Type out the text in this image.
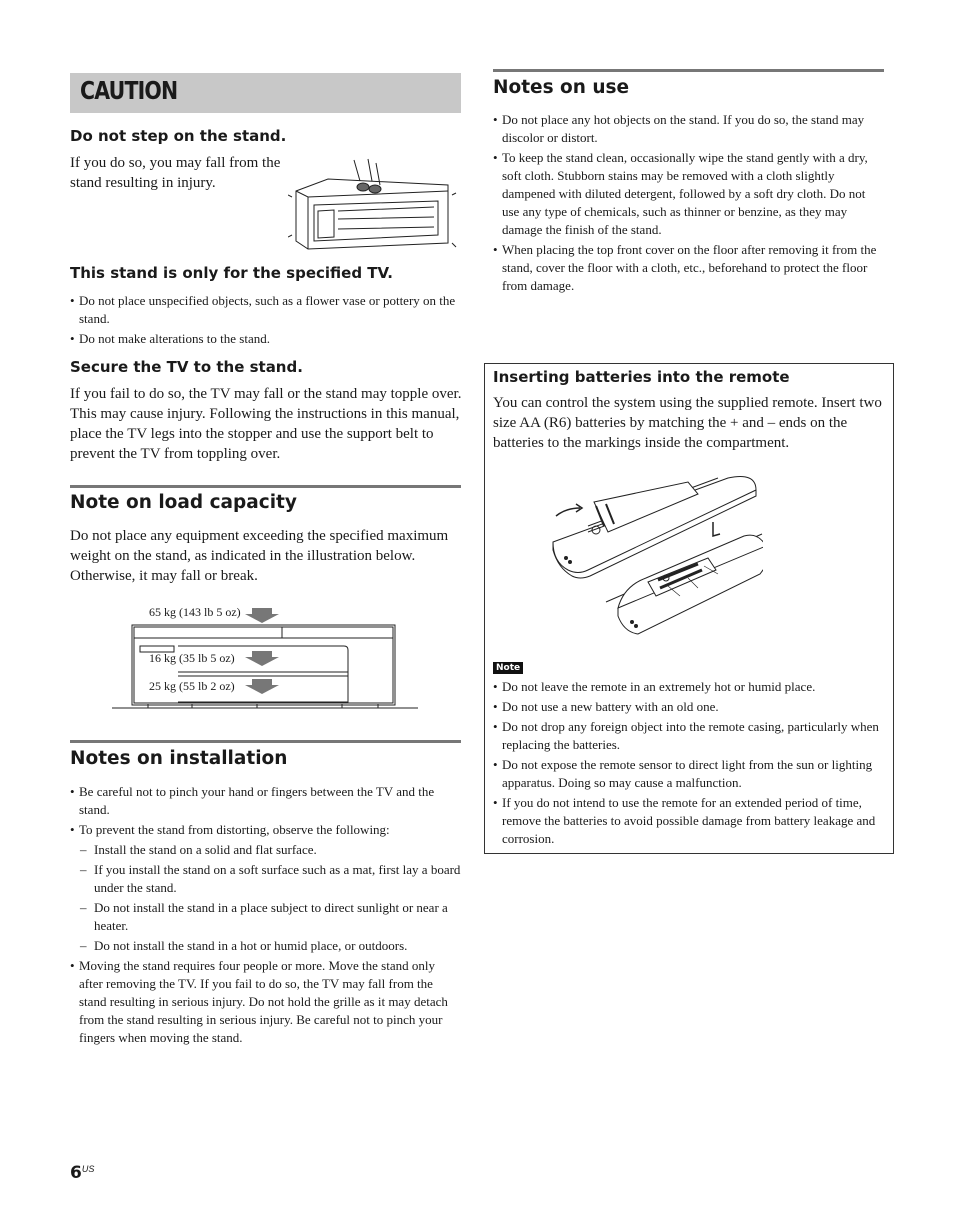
CAUTION
Do not step on the stand.
If you do so, you may fall from the stand resulting in injury.
This stand is only for the specified TV.
• Do not place unspecified objects, such as a flower vase or pottery on the stand.
• Do not make alterations to the stand.
Secure the TV to the stand.
If you fail to do so, the TV may fall or the stand may topple over. This may cause injury. Following the instructions in this manual, place the TV legs into the stopper and use the support belt to prevent the TV from toppling over.
Note on load capacity
Do not place any equipment exceeding the specified maximum weight on the stand, as indicated in the illustration below. Otherwise, it may fall or break.
65 kg (143 lb 5 oz)
16 kg (35 lb 5 oz)
25 kg (55 lb 2 oz)
Notes on installation
• Be careful not to pinch your hand or fingers between the TV and the stand.
• To prevent the stand from distorting, observe the following:
– Install the stand on a solid and flat surface.
– If you install the stand on a soft surface such as a mat, first lay a board under the stand.
– Do not install the stand in a place subject to direct sunlight or near a heater.
– Do not install the stand in a hot or humid place, or outdoors.
• Moving the stand requires four people or more. Move the stand only after removing the TV. If you fail to do so, the TV may fall from the stand resulting in serious injury. Do not hold the grille as it may detach from the stand resulting in serious injury. Be careful not to pinch your fingers when moving the stand.
$6^{US}$
Notes on use
• Do not place any hot objects on the stand. If you do so, the stand may discolor or distort.
• To keep the stand clean, occasionally wipe the stand gently with a dry, soft cloth. Stubborn stains may be removed with a cloth slightly dampened with diluted detergent, followed by a soft dry cloth. Do not use any type of chemicals, such as thinner or benzine, as they may damage the finish of the stand.
• When placing the top front cover on the floor after removing it from the stand, cover the floor with a cloth, etc., beforehand to protect the floor from damage.
Inserting batteries into the remote
You can control the system using the supplied remote. Insert two size AA (R6) batteries by matching the + and – ends on the batteries to the markings inside the compartment.
Note
• Do not leave the remote in an extremely hot or humid place.
• Do not use a new battery with an old one.
• Do not drop any foreign object into the remote casing, particularly when replacing the batteries.
• Do not expose the remote sensor to direct light from the sun or lighting apparatus. Doing so may cause a malfunction.
• If you do not intend to use the remote for an extended period of time, remove the batteries to avoid possible damage from battery leakage and corrosion.
